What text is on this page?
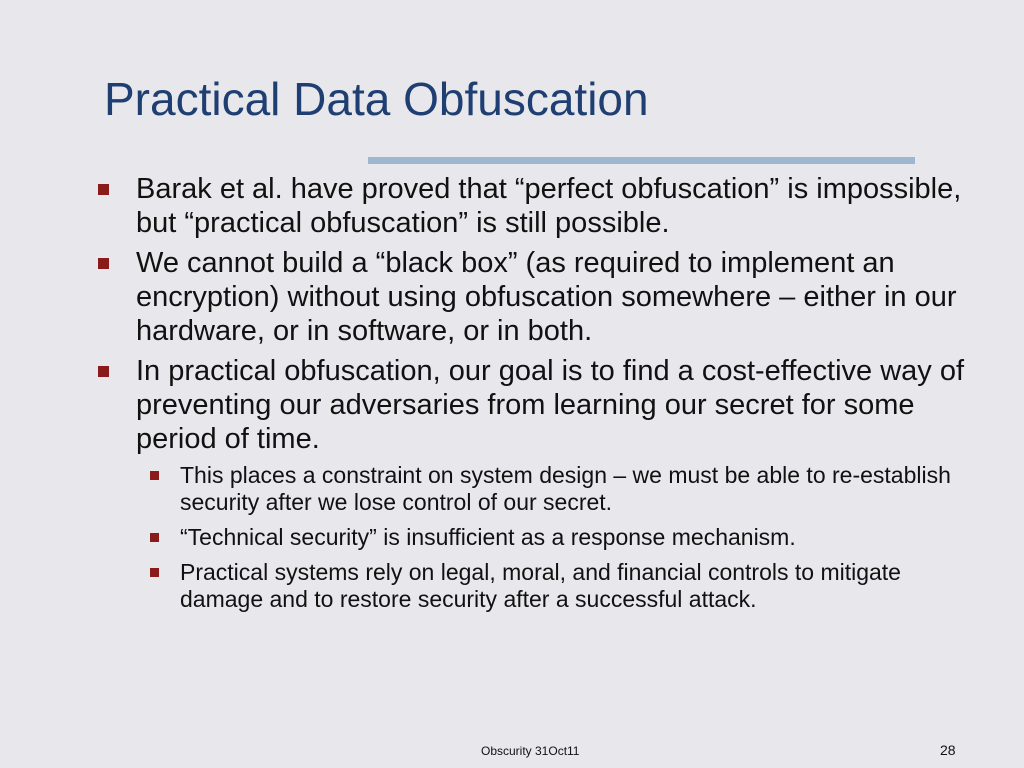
Practical Data Obfuscation
Barak et al. have proved that “perfect obfuscation” is impossible, but “practical obfuscation” is still possible.
We cannot build a “black box” (as required to implement an encryption) without using obfuscation somewhere – either in our hardware, or in software, or in both.
In practical obfuscation, our goal is to find a cost-effective way of preventing our adversaries from learning our secret for some period of time.
This places a constraint on system design – we must be able to re-establish security after we lose control of our secret.
“Technical security” is insufficient as a response mechanism.
Practical systems rely on legal, moral, and financial controls to mitigate damage and to restore security after a successful attack.
Obscurity 31Oct11	28
